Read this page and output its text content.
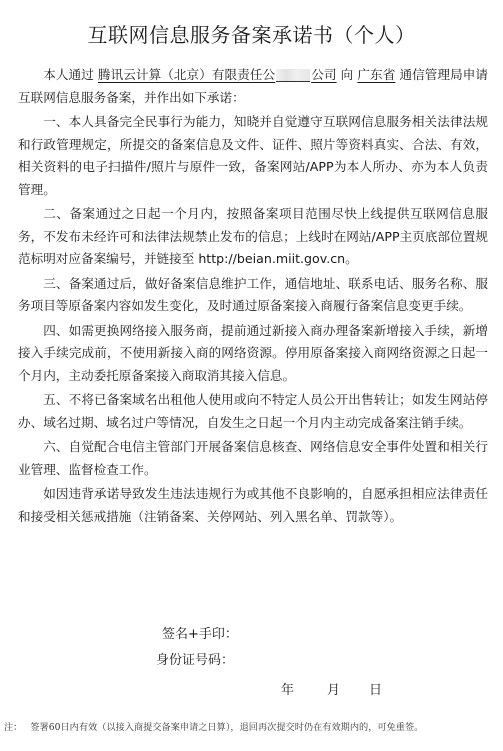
互联网信息服务备案承诺书（个人）

本人通过 腾讯云计算（北京）有限责任公	公司 向 广东省 通信管理局申请互联网信息服务备案，并作出如下承诺：

一、本人具备完全民事行为能力，知晓并自觉遵守互联网信息服务相关法律法规和行政管理规定，所提交的备案信息及文件、证件、照片等资料真实、合法、有效，相关资料的电子扫描件/照片与原件一致，备案网站/APP为本人所办、亦为本人负责管理。

二、备案通过之日起一个月内，按照备案项目范围尽快上线提供互联网信息服务，不发布未经许可和法律法规禁止发布的信息；上线时在网站/APP主页底部位置规范标明对应备案编号，并链接至 http://beian.miit.gov.cn。

三、备案通过后，做好备案信息维护工作，通信地址、联系电话、服务名称、服务项目等原备案内容如发生变化，及时通过原备案接入商履行备案信息变更手续。

四、如需更换网络接入服务商，提前通过新接入商办理备案新增接入手续，新增接入手续完成前，不使用新接入商的网络资源。停用原备案接入商网络资源之日起一个月内，主动委托原备案接入商取消其接入信息。

五、不将已备案域名出租他人使用或向不特定人员公开出售转让；如发生网站停办、域名过期、域名过户等情况，自发生之日起一个月内主动完成备案注销手续。

六、自觉配合电信主管部门开展备案信息核查、网络信息安全事件处置和相关行业管理、监督检查工作。

如因违背承诺导致发生违法违规行为或其他不良影响的，自愿承担相应法律责任和接受相关惩戒措施（注销备案、关停网站、列入黑名单、罚款等）。

签名+手印：
身份证号码：
年	月 日
注： 签署60日内有效（以接入商提交备案申请之日算），退回再次提交时仍在有效期内的，可免重签。
